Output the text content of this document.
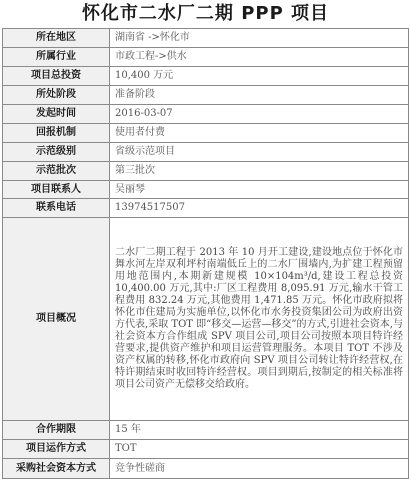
怀化市二水厂二期 PPP 项目
所在地区	湖南省 ->怀化市
所属行业	市政工程->供水
项目总投资	10,400 万元
所处阶段	准备阶段
发起时间	2016-03-07
回报机制	使用者付费
示范级别	省级示范项目
示范批次	第三批次
项目联系人	吴丽琴
联系电话	13974517507
项目概况	二水厂二期工程于 2013 年 10 月开工建设,建设地点位于怀化市舞水河左岸双利坪村南端低丘上的二水厂围墙内,为扩建工程预留用地范围内,本期新建规模 10×104m³/d,建设工程总投资 10,400.00 万元,其中:厂区工程费用 8,095.91 万元,输水干管工程费用 832.24 万元,其他费用 1,471.85 万元。怀化市政府拟将怀化市住建局为实施单位,以怀化市水务投资集团公司为政府出资方代表,采取 TOT 即“移交—运营—移交”的方式,引进社会资本,与社会资本方合作组成 SPV 项目公司,项目公司按照本项目特许经营要求,提供资产维护和项目运营管理服务。本项目 TOT 不涉及资产权属的转移,怀化市政府向 SPV 项目公司转让特许经营权,在特许期结束时收回特许经营权。项目到期后,按制定的相关标准将项目公司资产无偿移交给政府。
合作期限	15 年
项目运作方式	TOT
采购社会资本方式	竞争性磋商
